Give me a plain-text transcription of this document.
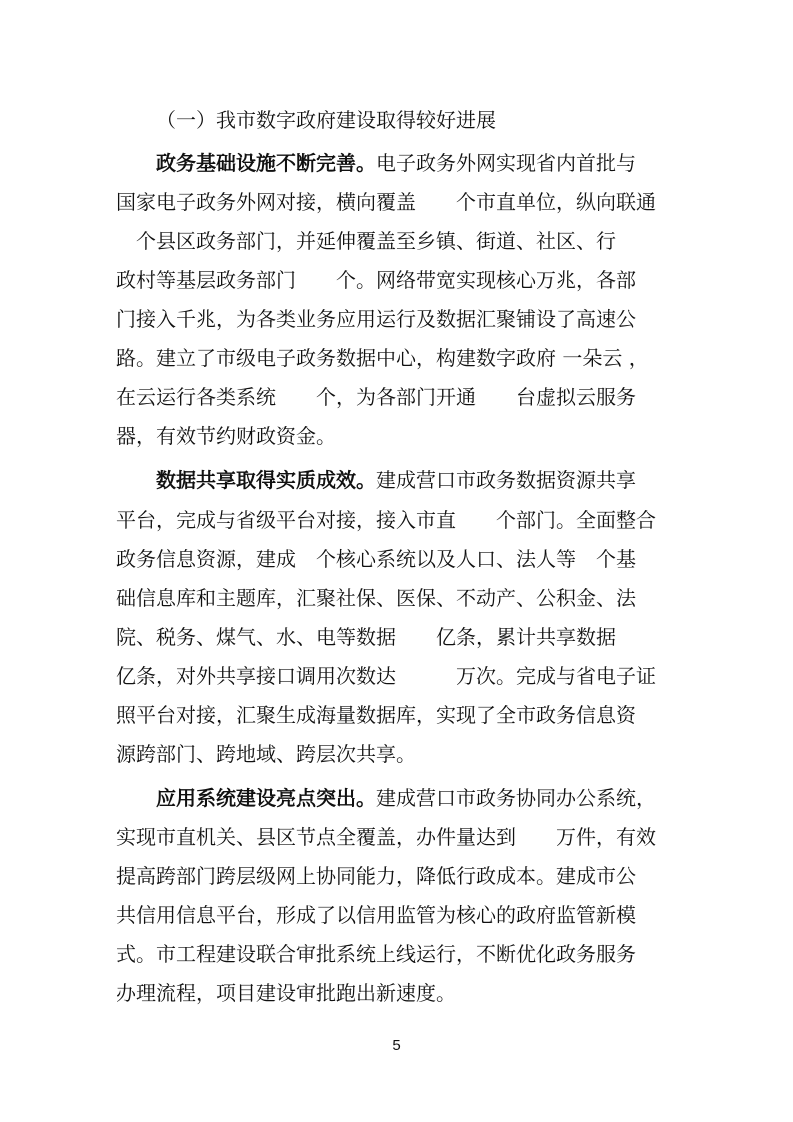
（一）我市数字政府建设取得较好进展
政务基础设施不断完善。电子政务外网实现省内首批与
国家电子政务外网对接，横向覆盖　　个市直单位，纵向联通
　个县区政务部门，并延伸覆盖至乡镇、街道、社区、行
政村等基层政务部门　　个。网络带宽实现核心万兆，各部
门接入千兆，为各类业务应用运行及数据汇聚铺设了高速公
路。建立了市级电子政务数据中心，构建数字政府 一朵云 ，
在云运行各类系统　　个，为各部门开通　　台虚拟云服务
器，有效节约财政资金。
数据共享取得实质成效。建成营口市政务数据资源共享
平台，完成与省级平台对接，接入市直　　个部门。全面整合
政务信息资源，建成　个核心系统以及人口、法人等　个基
础信息库和主题库，汇聚社保、医保、不动产、公积金、法
院、税务、煤气、水、电等数据　　亿条，累计共享数据
亿条，对外共享接口调用次数达　　　万次。完成与省电子证
照平台对接，汇聚生成海量数据库，实现了全市政务信息资
源跨部门、跨地域、跨层次共享。
应用系统建设亮点突出。建成营口市政务协同办公系统，
实现市直机关、县区节点全覆盖，办件量达到　　万件，有效
提高跨部门跨层级网上协同能力，降低行政成本。建成市公
共信用信息平台，形成了以信用监管为核心的政府监管新模
式。市工程建设联合审批系统上线运行，不断优化政务服务
办理流程，项目建设审批跑出新速度。
5
